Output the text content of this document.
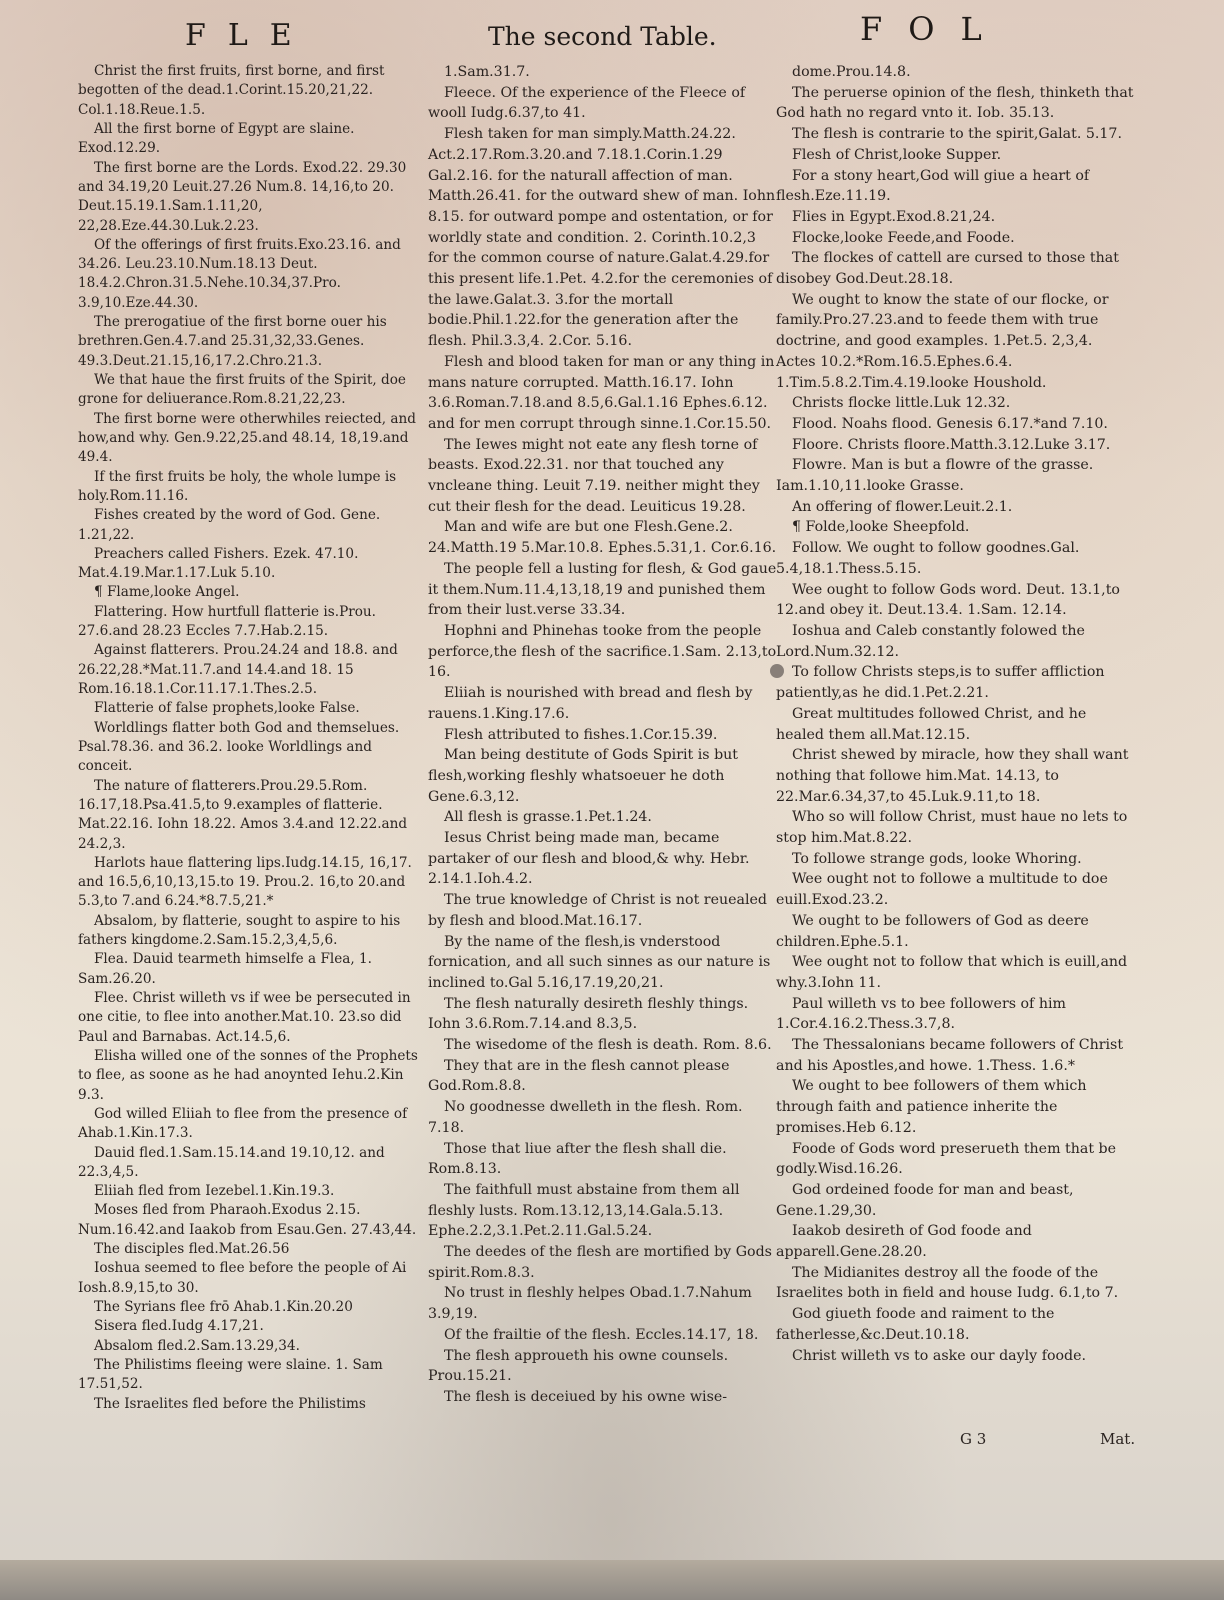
FLE	The second Table.	FOL

Christ the first fruits, first borne, and first begotten of the dead.1.Corint.15.20,21,22. Col.1.18.Reue.1.5.

All the first borne of Egypt are slaine. Exod.12.29.

The first borne are the Lords. Exod.22. 29.30 and 34.19,20 Leuit.27.26 Num.8. 14,16,to 20. Deut.15.19.1.Sam.1.11,20, 22,28.Eze.44.30.Luk.2.23.

Of the offerings of first fruits.Exo.23.16. and 34.26. Leu.23.10.Num.18.13 Deut. 18.4.2.Chron.31.5.Nehe.10.34,37.Pro. 3.9,10.Eze.44.30.

The prerogatiue of the first borne ouer his brethren.Gen.4.7.and 25.31,32,33.Genes. 49.3.Deut.21.15,16,17.2.Chro.21.3.

We that haue the first fruits of the Spirit, doe grone for deliuerance.Rom.8.21,22,23.

The first borne were otherwhiles reiected, and how,and why. Gen.9.22,25.and 48.14, 18,19.and 49.4.

If the first fruits be holy, the whole lumpe is holy.Rom.11.16.

Fishes created by the word of God. Gene. 1.21,22.

Preachers called Fishers. Ezek. 47.10. Mat.4.19.Mar.1.17.Luk 5.10.

¶ Flame,looke Angel.

Flattering. How hurtfull flatterie is.Prou. 27.6.and 28.23 Eccles 7.7.Hab.2.15.

Against flatterers. Prou.24.24 and 18.8. and 26.22,28.*Mat.11.7.and 14.4.and 18. 15 Rom.16.18.1.Cor.11.17.1.Thes.2.5.

Flatterie of false prophets,looke False.

Worldlings flatter both God and themselues. Psal.78.36. and 36.2. looke Worldlings and conceit.

The nature of flatterers.Prou.29.5.Rom. 16.17,18.Psa.41.5,to 9.examples of flatterie. Mat.22.16. Iohn 18.22. Amos 3.4.and 12.22.and 24.2,3.

Harlots haue flattering lips.Iudg.14.15, 16,17. and 16.5,6,10,13,15.to 19. Prou.2. 16,to 20.and 5.3,to 7.and 6.24.*8.7.5,21.*

Absalom, by flatterie, sought to aspire to his fathers kingdome.2.Sam.15.2,3,4,5,6.

Flea. Dauid tearmeth himselfe a Flea, 1. Sam.26.20.

Flee. Christ willeth vs if wee be persecuted in one citie, to flee into another.Mat.10. 23.so did Paul and Barnabas. Act.14.5,6.

Elisha willed one of the sonnes of the Prophets to flee, as soone as he had anoynted Iehu.2.Kin 9.3.

God willed Eliiah to flee from the presence of Ahab.1.Kin.17.3.

Dauid fled.1.Sam.15.14.and 19.10,12. and 22.3,4,5.

Eliiah fled from Iezebel.1.Kin.19.3.

Moses fled from Pharaoh.Exodus 2.15. Num.16.42.and Iaakob from Esau.Gen. 27.43,44.

The disciples fled.Mat.26.56

Ioshua seemed to flee before the people of Ai Iosh.8.9,15,to 30.

The Syrians flee frō Ahab.1.Kin.20.20

Sisera fled.Iudg 4.17,21.

Absalom fled.2.Sam.13.29,34.

The Philistims fleeing were slaine. 1. Sam 17.51,52.

The Israelites fled before the Philistims

1.Sam.31.7.

Fleece. Of the experience of the Fleece of wooll Iudg.6.37,to 41.

Flesh taken for man simply.Matth.24.22. Act.2.17.Rom.3.20.and 7.18.1.Corin.1.29 Gal.2.16. for the naturall affection of man. Matth.26.41. for the outward shew of man. Iohn 8.15. for outward pompe and ostentation, or for worldly state and condition. 2. Corinth.10.2,3 for the common course of nature.Galat.4.29.for this present life.1.Pet. 4.2.for the ceremonies of the lawe.Galat.3. 3.for the mortall bodie.Phil.1.22.for the generation after the flesh. Phil.3.3,4. 2.Cor. 5.16.

Flesh and blood taken for man or any thing in mans nature corrupted. Matth.16.17. Iohn 3.6.Roman.7.18.and 8.5,6.Gal.1.16 Ephes.6.12. and for men corrupt through sinne.1.Cor.15.50.

The Iewes might not eate any flesh torne of beasts. Exod.22.31. nor that touched any vncleane thing. Leuit 7.19. neither might they cut their flesh for the dead. Leuiticus 19.28.

Man and wife are but one Flesh.Gene.2. 24.Matth.19 5.Mar.10.8. Ephes.5.31,1. Cor.6.16.

The people fell a lusting for flesh, & God gaue it them.Num.11.4,13,18,19 and punished them from their lust.verse 33.34.

Hophni and Phinehas tooke from the people perforce,the flesh of the sacrifice.1.Sam. 2.13,to 16.

Eliiah is nourished with bread and flesh by rauens.1.King.17.6.

Flesh attributed to fishes.1.Cor.15.39.

Man being destitute of Gods Spirit is but flesh,working fleshly whatsoeuer he doth Gene.6.3,12.

All flesh is grasse.1.Pet.1.24.

Iesus Christ being made man, became partaker of our flesh and blood,& why. Hebr. 2.14.1.Ioh.4.2.

The true knowledge of Christ is not reuealed by flesh and blood.Mat.16.17.

By the name of the flesh,is vnderstood fornication, and all such sinnes as our nature is inclined to.Gal 5.16,17.19,20,21.

The flesh naturally desireth fleshly things. Iohn 3.6.Rom.7.14.and 8.3,5.

The wisedome of the flesh is death. Rom. 8.6.

They that are in the flesh cannot please God.Rom.8.8.

No goodnesse dwelleth in the flesh. Rom. 7.18.

Those that liue after the flesh shall die. Rom.8.13.

The faithfull must abstaine from them all fleshly lusts. Rom.13.12,13,14.Gala.5.13. Ephe.2.2,3.1.Pet.2.11.Gal.5.24.

The deedes of the flesh are mortified by Gods spirit.Rom.8.3.

No trust in fleshly helpes Obad.1.7.Nahum 3.9,19.

Of the frailtie of the flesh. Eccles.14.17, 18.

The flesh approueth his owne counsels. Prou.15.21.

The flesh is deceiued by his owne wise-

dome.Prou.14.8.

The peruerse opinion of the flesh, thinketh that God hath no regard vnto it. Iob. 35.13.

The flesh is contrarie to the spirit,Galat. 5.17.

Flesh of Christ,looke Supper.

For a stony heart,God will giue a heart of flesh.Eze.11.19.

Flies in Egypt.Exod.8.21,24.

Flocke,looke Feede,and Foode.

The flockes of cattell are cursed to those that disobey God.Deut.28.18.

We ought to know the state of our flocke, or family.Pro.27.23.and to feede them with true doctrine, and good examples. 1.Pet.5. 2,3,4. Actes 10.2.*Rom.16.5.Ephes.6.4. 1.Tim.5.8.2.Tim.4.19.looke Houshold.

Christs flocke little.Luk 12.32.

Flood. Noahs flood. Genesis 6.17.*and 7.10.

Floore. Christs floore.Matth.3.12.Luke 3.17.

Flowre. Man is but a flowre of the grasse. Iam.1.10,11.looke Grasse.

An offering of flower.Leuit.2.1.

¶ Folde,looke Sheepfold.

Follow. We ought to follow goodnes.Gal. 5.4,18.1.Thess.5.15.

Wee ought to follow Gods word. Deut. 13.1,to 12.and obey it. Deut.13.4. 1.Sam. 12.14.

Ioshua and Caleb constantly folowed the Lord.Num.32.12.

To follow Christs steps,is to suffer affliction patiently,as he did.1.Pet.2.21.

Great multitudes followed Christ, and he healed them all.Mat.12.15.

Christ shewed by miracle, how they shall want nothing that followe him.Mat. 14.13, to 22.Mar.6.34,37,to 45.Luk.9.11,to 18.

Who so will follow Christ, must haue no lets to stop him.Mat.8.22.

To followe strange gods, looke Whoring.

Wee ought not to followe a multitude to doe euill.Exod.23.2.

We ought to be followers of God as deere children.Ephe.5.1.

Wee ought not to follow that which is euill,and why.3.Iohn 11.

Paul willeth vs to bee followers of him 1.Cor.4.16.2.Thess.3.7,8.

The Thessalonians became followers of Christ and his Apostles,and howe. 1.Thess. 1.6.*

We ought to bee followers of them which through faith and patience inherite the promises.Heb 6.12.

Foode of Gods word preserueth them that be godly.Wisd.16.26.

God ordeined foode for man and beast, Gene.1.29,30.

Iaakob desireth of God foode and apparell.Gene.28.20.

The Midianites destroy all the foode of the Israelites both in field and house Iudg. 6.1,to 7.

God giueth foode and raiment to the fatherlesse,&c.Deut.10.18.

Christ willeth vs to aske our dayly foode.

G 3	Mat.
